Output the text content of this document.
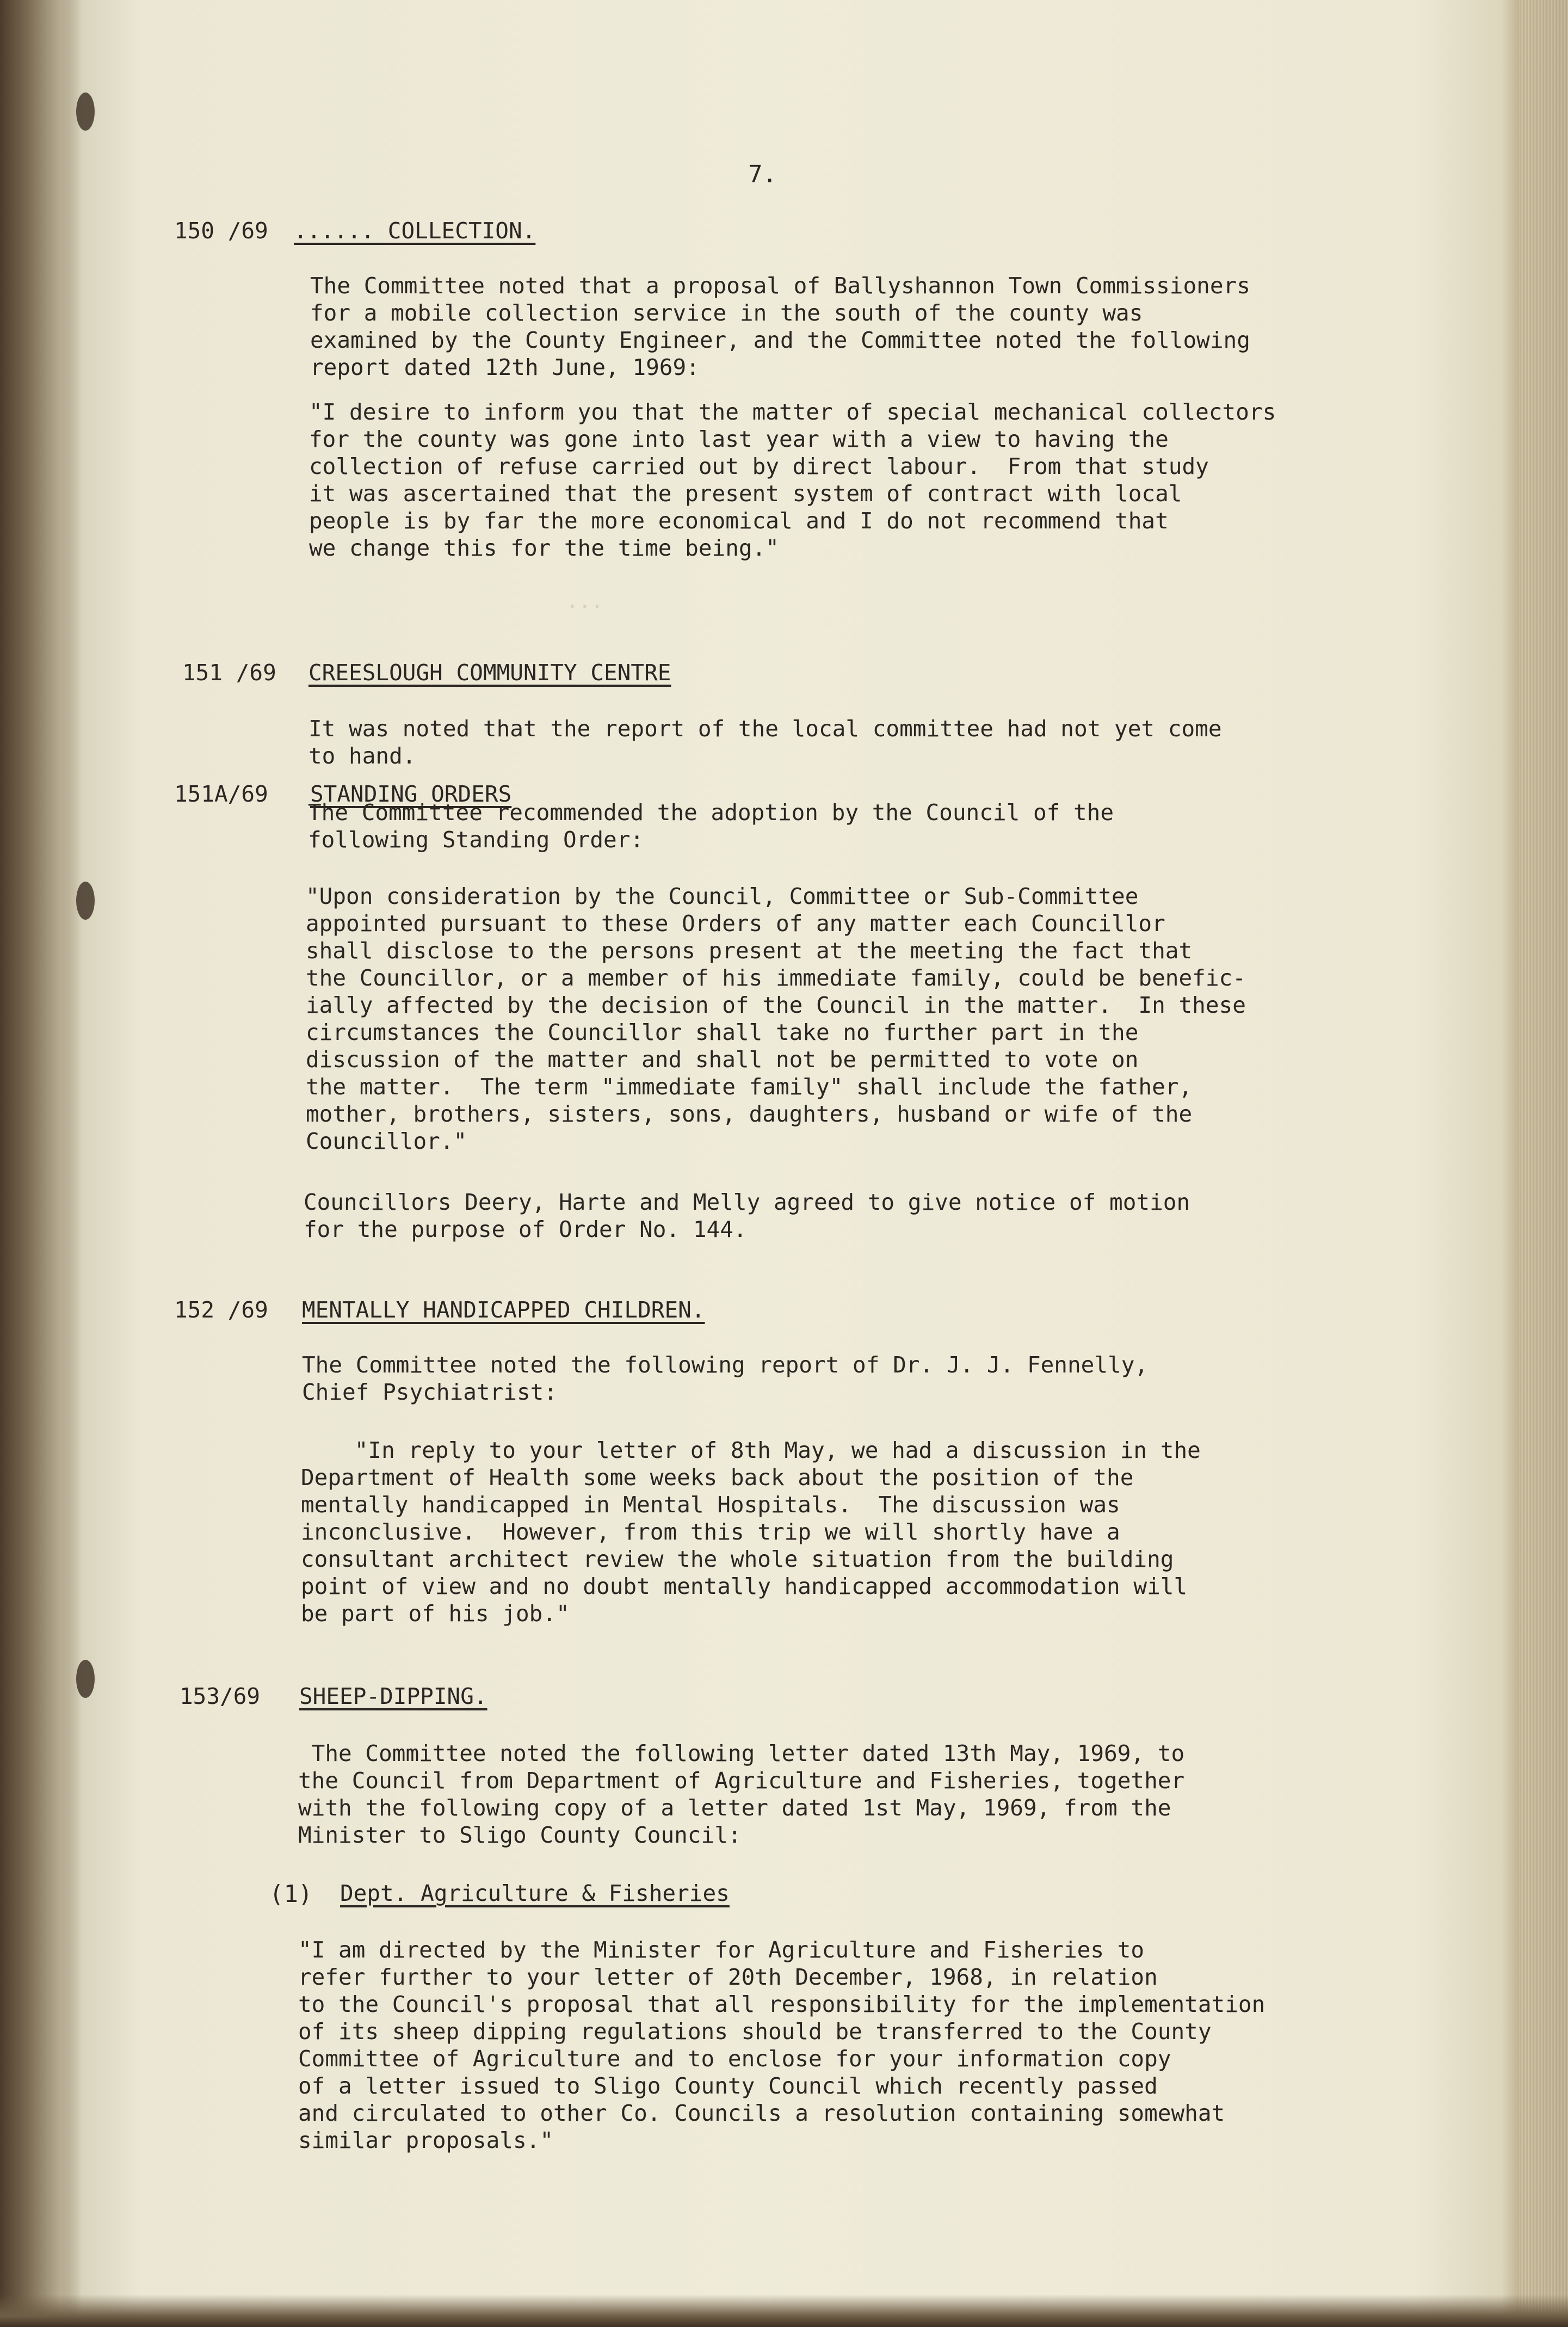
...
7.
150 /69 ...... COLLECTION.
The Committee noted that a proposal of Ballyshannon Town Commissioners
for a mobile collection service in the south of the county was
examined by the County Engineer, and the Committee noted the following
report dated 12th June, 1969:
"I desire to inform you that the matter of special mechanical collectors
for the county was gone into last year with a view to having the
collection of refuse carried out by direct labour.  From that study
it was ascertained that the present system of contract with local
people is by far the more economical and I do not recommend that
we change this for the time being."
151 /69 CREESLOUGH COMMUNITY CENTRE
It was noted that the report of the local committee had not yet come
to hand.
151A/69 STANDING ORDERS
The Committee recommended the adoption by the Council of the
following Standing Order:
"Upon consideration by the Council, Committee or Sub-Committee
appointed pursuant to these Orders of any matter each Councillor
shall disclose to the persons present at the meeting the fact that
the Councillor, or a member of his immediate family, could be benefic-
ially affected by the decision of the Council in the matter.  In these
circumstances the Councillor shall take no further part in the
discussion of the matter and shall not be permitted to vote on
the matter.  The term "immediate family" shall include the father,
mother, brothers, sisters, sons, daughters, husband or wife of the
Councillor."
Councillors Deery, Harte and Melly agreed to give notice of motion
for the purpose of Order No. 144.
152 /69 MENTALLY HANDICAPPED CHILDREN.
The Committee noted the following report of Dr. J. J. Fennelly,
Chief Psychiatrist:
"In reply to your letter of 8th May, we had a discussion in the
Department of Health some weeks back about the position of the
mentally handicapped in Mental Hospitals.  The discussion was
inconclusive.  However, from this trip we will shortly have a
consultant architect review the whole situation from the building
point of view and no doubt mentally handicapped accommodation will
be part of his job."
153/69 SHEEP-DIPPING.
The Committee noted the following letter dated 13th May, 1969, to
the Council from Department of Agriculture and Fisheries, together
with the following copy of a letter dated 1st May, 1969, from the
Minister to Sligo County Council:
(1) Dept. Agriculture & Fisheries
"I am directed by the Minister for Agriculture and Fisheries to
refer further to your letter of 20th December, 1968, in relation
to the Council's proposal that all responsibility for the implementation
of its sheep dipping regulations should be transferred to the County
Committee of Agriculture and to enclose for your information copy
of a letter issued to Sligo County Council which recently passed
and circulated to other Co. Councils a resolution containing somewhat
similar proposals."
